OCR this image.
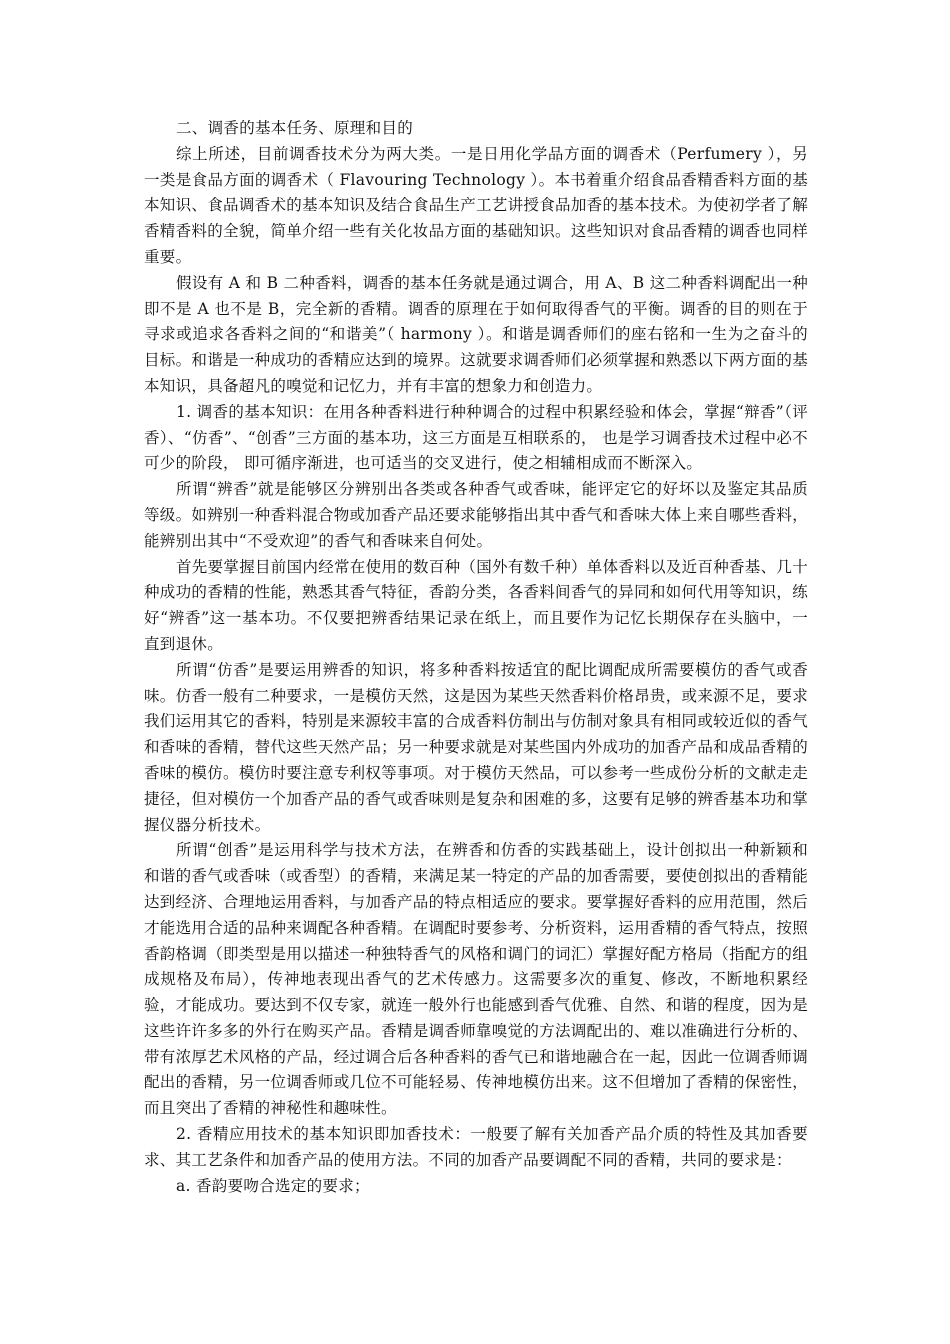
二、调香的基本任务、原理和目的

综上所述，目前调香技术分为两大类。一是日用化学品方面的调香术（Perfumery ），另一类是食品方面的调香术（ Flavouring Technology ）。本书着重介绍食品香精香料方面的基本知识、食品调香术的基本知识及结合食品生产工艺讲授食品加香的基本技术。为使初学者了解香精香料的全貌，简单介绍一些有关化妆品方面的基础知识。这些知识对食品香精的调香也同样重要。

假设有 A 和 B 二种香料，调香的基本任务就是通过调合，用 A、B 这二种香料调配出一种即不是 A 也不是 B，完全新的香精。调香的原理在于如何取得香气的平衡。调香的目的则在于寻求或追求各香料之间的“和谐美”（ harmony ）。和谐是调香师们的座右铭和一生为之奋斗的目标。和谐是一种成功的香精应达到的境界。这就要求调香师们必须掌握和熟悉以下两方面的基本知识，具备超凡的嗅觉和记忆力，并有丰富的想象力和创造力。

1. 调香的基本知识：在用各种香料进行种种调合的过程中积累经验和体会，掌握“辩香”（评香）、“仿香”、“创香”三方面的基本功，这三方面是互相联系的， 也是学习调香技术过程中必不可少的阶段， 即可循序渐进，也可适当的交叉进行，使之相辅相成而不断深入。

所谓“辨香”就是能够区分辨别出各类或各种香气或香味，能评定它的好坏以及鉴定其品质等级。如辨别一种香料混合物或加香产品还要求能够指出其中香气和香味大体上来自哪些香料，能辨别出其中“不受欢迎”的香气和香味来自何处。

首先要掌握目前国内经常在使用的数百种（国外有数千种）单体香料以及近百种香基、几十种成功的香精的性能，熟悉其香气特征，香韵分类，各香料间香气的异同和如何代用等知识，练好“辨香”这一基本功。不仅要把辨香结果记录在纸上，而且要作为记忆长期保存在头脑中，一直到退休。

所谓“仿香”是要运用辨香的知识，将多种香料按适宜的配比调配成所需要模仿的香气或香味。仿香一般有二种要求，一是模仿天然，这是因为某些天然香料价格昂贵，或来源不足，要求我们运用其它的香料，特别是来源较丰富的合成香料仿制出与仿制对象具有相同或较近似的香气和香味的香精，替代这些天然产品；另一种要求就是对某些国内外成功的加香产品和成品香精的香味的模仿。模仿时要注意专利权等事项。对于模仿天然品，可以参考一些成份分析的文献走走捷径，但对模仿一个加香产品的香气或香味则是复杂和困难的多，这要有足够的辨香基本功和掌握仪器分析技术。

所谓“创香”是运用科学与技术方法，在辨香和仿香的实践基础上，设计创拟出一种新颖和和谐的香气或香味（或香型）的香精，来满足某一特定的产品的加香需要，要使创拟出的香精能达到经济、合理地运用香料，与加香产品的特点相适应的要求。要掌握好香料的应用范围，然后才能选用合适的品种来调配各种香精。在调配时要参考、分析资料，运用香精的香气特点，按照香韵格调（即类型是用以描述一种独特香气的风格和调门的词汇）掌握好配方格局（指配方的组成规格及布局），传神地表现出香气的艺术传感力。这需要多次的重复、修改，不断地积累经验，才能成功。要达到不仅专家，就连一般外行也能感到香气优雅、自然、和谐的程度，因为是这些许许多多的外行在购买产品。香精是调香师靠嗅觉的方法调配出的、难以准确进行分析的、带有浓厚艺术风格的产品，经过调合后各种香料的香气已和谐地融合在一起，因此一位调香师调配出的香精，另一位调香师或几位不可能轻易、传神地模仿出来。这不但增加了香精的保密性，而且突出了香精的神秘性和趣味性。

2. 香精应用技术的基本知识即加香技术：一般要了解有关加香产品介质的特性及其加香要求、其工艺条件和加香产品的使用方法。不同的加香产品要调配不同的香精，共同的要求是：

a. 香韵要吻合选定的要求；
